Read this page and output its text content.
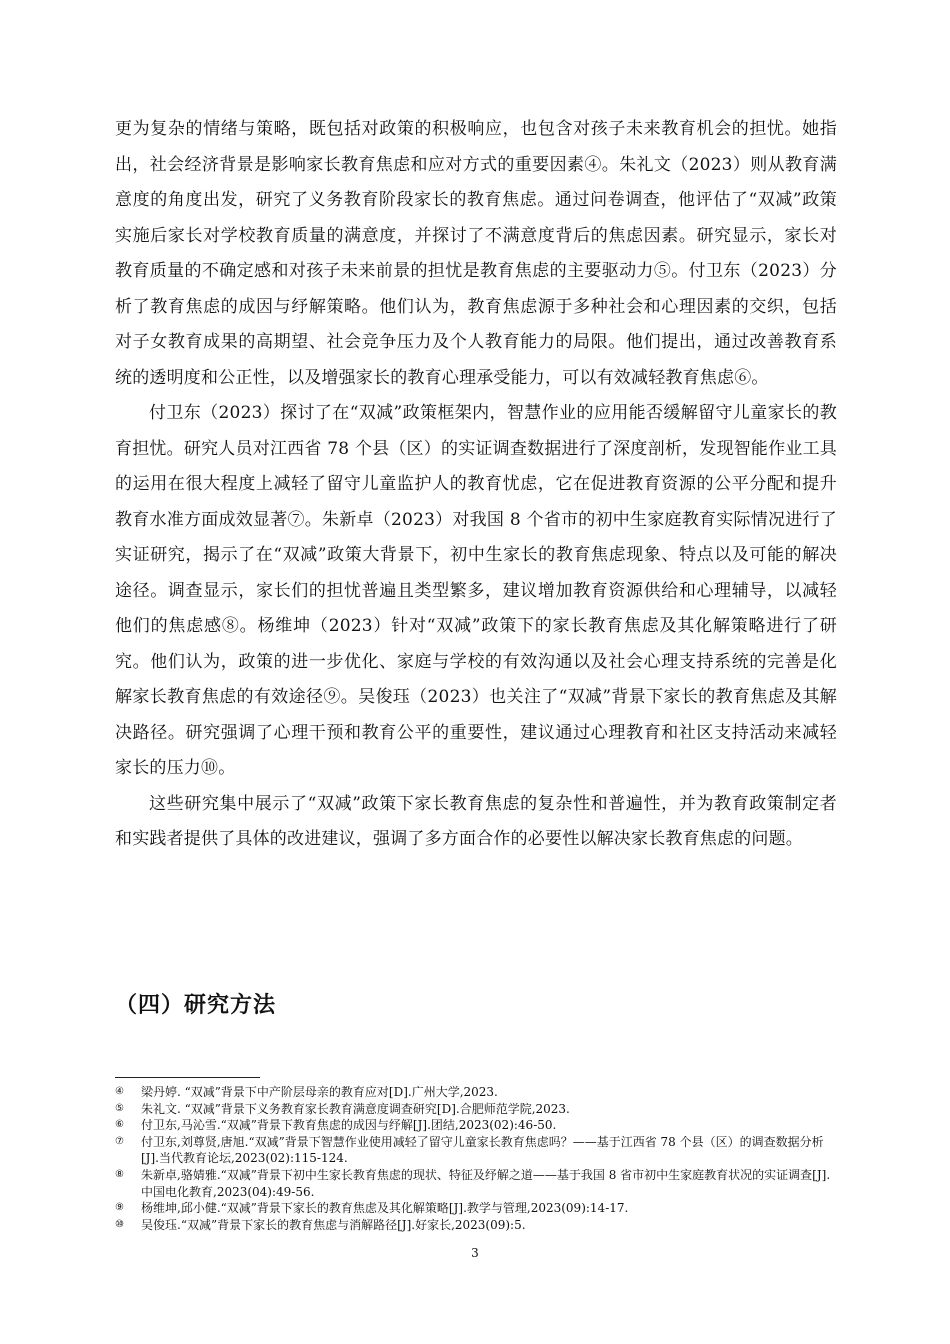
更为复杂的情绪与策略，既包括对政策的积极响应，也包含对孩子未来教育机会的担忧。她指出，社会经济背景是影响家长教育焦虑和应对方式的重要因素④。朱礼文（2023）则从教育满意度的角度出发，研究了义务教育阶段家长的教育焦虑。通过问卷调查，他评估了“双减”政策实施后家长对学校教育质量的满意度，并探讨了不满意度背后的焦虑因素。研究显示，家长对教育质量的不确定感和对孩子未来前景的担忧是教育焦虑的主要驱动力⑤。付卫东（2023）分析了教育焦虑的成因与纾解策略。他们认为，教育焦虑源于多种社会和心理因素的交织，包括对子女教育成果的高期望、社会竞争压力及个人教育能力的局限。他们提出，通过改善教育系统的透明度和公正性，以及增强家长的教育心理承受能力，可以有效减轻教育焦虑⑥。

付卫东（2023）探讨了在“双减”政策框架内，智慧作业的应用能否缓解留守儿童家长的教育担忧。研究人员对江西省 78 个县（区）的实证调查数据进行了深度剖析，发现智能作业工具的运用在很大程度上减轻了留守儿童监护人的教育忧虑，它在促进教育资源的公平分配和提升教育水准方面成效显著⑦。朱新卓（2023）对我国 8 个省市的初中生家庭教育实际情况进行了实证研究，揭示了在“双减”政策大背景下，初中生家长的教育焦虑现象、特点以及可能的解决途径。调查显示，家长们的担忧普遍且类型繁多，建议增加教育资源供给和心理辅导，以减轻他们的焦虑感⑧。杨维坤（2023）针对“双减”政策下的家长教育焦虑及其化解策略进行了研究。他们认为，政策的进一步优化、家庭与学校的有效沟通以及社会心理支持系统的完善是化解家长教育焦虑的有效途径⑨。吴俊珏（2023）也关注了“双减”背景下家长的教育焦虑及其解决路径。研究强调了心理干预和教育公平的重要性，建议通过心理教育和社区支持活动来减轻家长的压力⑩。

这些研究集中展示了“双减”政策下家长教育焦虑的复杂性和普遍性，并为教育政策制定者和实践者提供了具体的改进建议，强调了多方面合作的必要性以解决家长教育焦虑的问题。

（四）研究方法
④	梁丹婷. “双减”背景下中产阶层母亲的教育应对[D].广州大学,2023.
⑤	朱礼文. “双减”背景下义务教育家长教育满意度调查研究[D].合肥师范学院,2023.
⑥	付卫东,马沁雪.“双减”背景下教育焦虑的成因与纾解[J].团结,2023(02):46-50.
⑦	付卫东,刘尊贤,唐旭.“双减”背景下智慧作业使用减轻了留守儿童家长教育焦虑吗？——基于江西省 78 个县（区）的调查数据分析[J].当代教育论坛,2023(02):115-124.
⑧	朱新卓,骆婧雅.“双减”背景下初中生家长教育焦虑的现状、特征及纾解之道——基于我国 8 省市初中生家庭教育状况的实证调查[J].中国电化教育,2023(04):49-56.
⑨	杨维坤,邱小健.“双减”背景下家长的教育焦虑及其化解策略[J].教学与管理,2023(09):14-17.
⑩	吴俊珏.“双减”背景下家长的教育焦虑与消解路径[J].好家长,2023(09):5.
3
